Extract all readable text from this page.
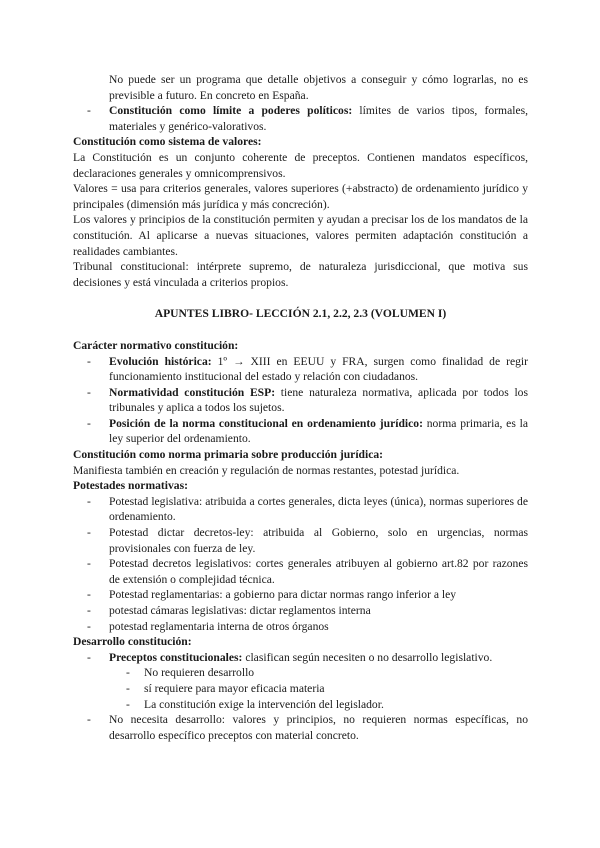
No puede ser un programa que detalle objetivos a conseguir y cómo lograrlas, no es previsible a futuro. En concreto en España.

-	Constitución como límite a poderes políticos: límites de varios tipos, formales, materiales y genérico-valorativos.

Constitución como sistema de valores:

La Constitución es un conjunto coherente de preceptos. Contienen mandatos específicos, declaraciones generales y omnicomprensivos.

Valores = usa para criterios generales, valores superiores (+abstracto) de ordenamiento jurídico y principales (dimensión más jurídica y más concreción).

Los valores y principios de la constitución permiten y ayudan a precisar los de los mandatos de la constitución. Al aplicarse a nuevas situaciones, valores permiten adaptación constitución a realidades cambiantes.

Tribunal constitucional: intérprete supremo, de naturaleza jurisdiccional, que motiva sus decisiones y está vinculada a criterios propios.

APUNTES LIBRO- LECCIÓN 2.1, 2.2, 2.3 (VOLUMEN I)

Carácter normativo constitución:

-	Evolución histórica: 1º → XIII en EEUU y FRA, surgen como finalidad de regir funcionamiento institucional del estado y relación con ciudadanos.
-	Normatividad constitución ESP: tiene naturaleza normativa, aplicada por todos los tribunales y aplica a todos los sujetos.
-	Posición de la norma constitucional en ordenamiento jurídico: norma primaria, es la ley superior del ordenamiento.

Constitución como norma primaria sobre producción jurídica:

Manifiesta también en creación y regulación de normas restantes, potestad jurídica.

Potestades normativas:

-	Potestad legislativa: atribuida a cortes generales, dicta leyes (única), normas superiores de ordenamiento.
-	Potestad dictar decretos-ley: atribuida al Gobierno, solo en urgencias, normas provisionales con fuerza de ley.
-	Potestad decretos legislativos: cortes generales atribuyen al gobierno art.82 por razones de extensión o complejidad técnica.
-	Potestad reglamentarias: a gobierno para dictar normas rango inferior a ley
-	potestad cámaras legislativas: dictar reglamentos interna
-	potestad reglamentaria interna de otros órganos

Desarrollo constitución:

-	Preceptos constitucionales: clasifican según necesiten o no desarrollo legislativo.
-	No requieren desarrollo
-	sí requiere para mayor eficacia materia
-	La constitución exige la intervención del legislador.
-	No necesita desarrollo: valores y principios, no requieren normas específicas, no desarrollo específico preceptos con material concreto.
